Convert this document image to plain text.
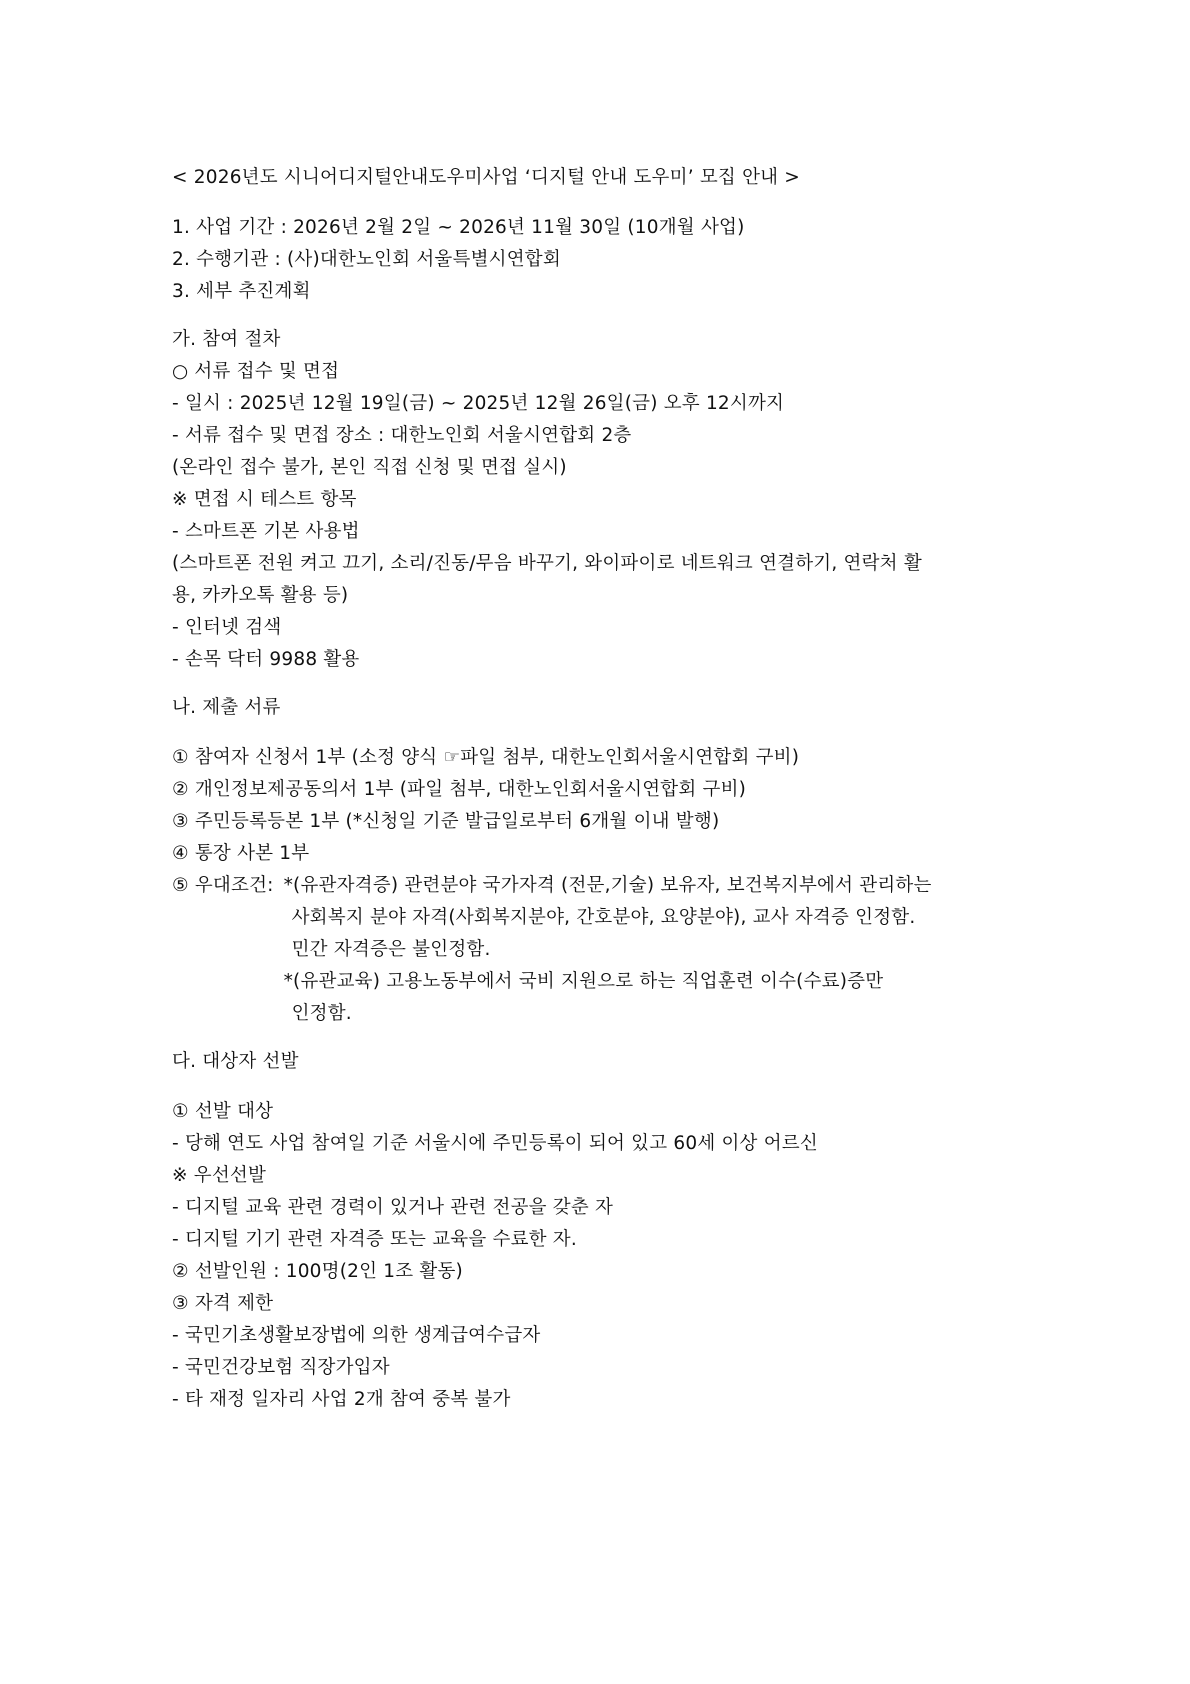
< 2026년도 시니어디지털안내도우미사업 ‘디지털 안내 도우미’ 모집 안내 >
1. 사업 기간 : 2026년 2월 2일 ~ 2026년 11월 30일 (10개월 사업)
2. 수행기관 : (사)대한노인회 서울특별시연합회
3. 세부 추진계획
가. 참여 절차
○ 서류 접수 및 면접
- 일시 : 2025년 12월 19일(금) ~ 2025년 12월 26일(금) 오후 12시까지
- 서류 접수 및 면접 장소 : 대한노인회 서울시연합회 2층
(온라인 접수 불가, 본인 직접 신청 및 면접 실시)
※ 면접 시 테스트 항목
- 스마트폰 기본 사용법
(스마트폰 전원 켜고 끄기, 소리/진동/무음 바꾸기, 와이파이로 네트워크 연결하기, 연락처 활
용, 카카오톡 활용 등)
- 인터넷 검색
- 손목 닥터 9988 활용
나. 제출 서류
① 참여자 신청서 1부 (소정 양식 ☞파일 첨부, 대한노인회서울시연합회 구비)
② 개인정보제공동의서 1부 (파일 첨부, 대한노인회서울시연합회 구비)
③ 주민등록등본 1부 (*신청일 기준 발급일로부터 6개월 이내 발행)
④ 통장 사본 1부
⑤ 우대조건: *(유관자격증) 관련분야 국가자격 (전문,기술) 보유자, 보건복지부에서 관리하는
사회복지 분야 자격(사회복지분야, 간호분야, 요양분야), 교사 자격증 인정함.
민간 자격증은 불인정함.
*(유관교육) 고용노동부에서 국비 지원으로 하는 직업훈련 이수(수료)증만
인정함.
다. 대상자 선발
① 선발 대상
- 당해 연도 사업 참여일 기준 서울시에 주민등록이 되어 있고 60세 이상 어르신
※ 우선선발
- 디지털 교육 관련 경력이 있거나 관련 전공을 갖춘 자
- 디지털 기기 관련 자격증 또는 교육을 수료한 자.
② 선발인원 : 100명(2인 1조 활동)
③ 자격 제한
- 국민기초생활보장법에 의한 생계급여수급자
- 국민건강보험 직장가입자
- 타 재정 일자리 사업 2개 참여 중복 불가
